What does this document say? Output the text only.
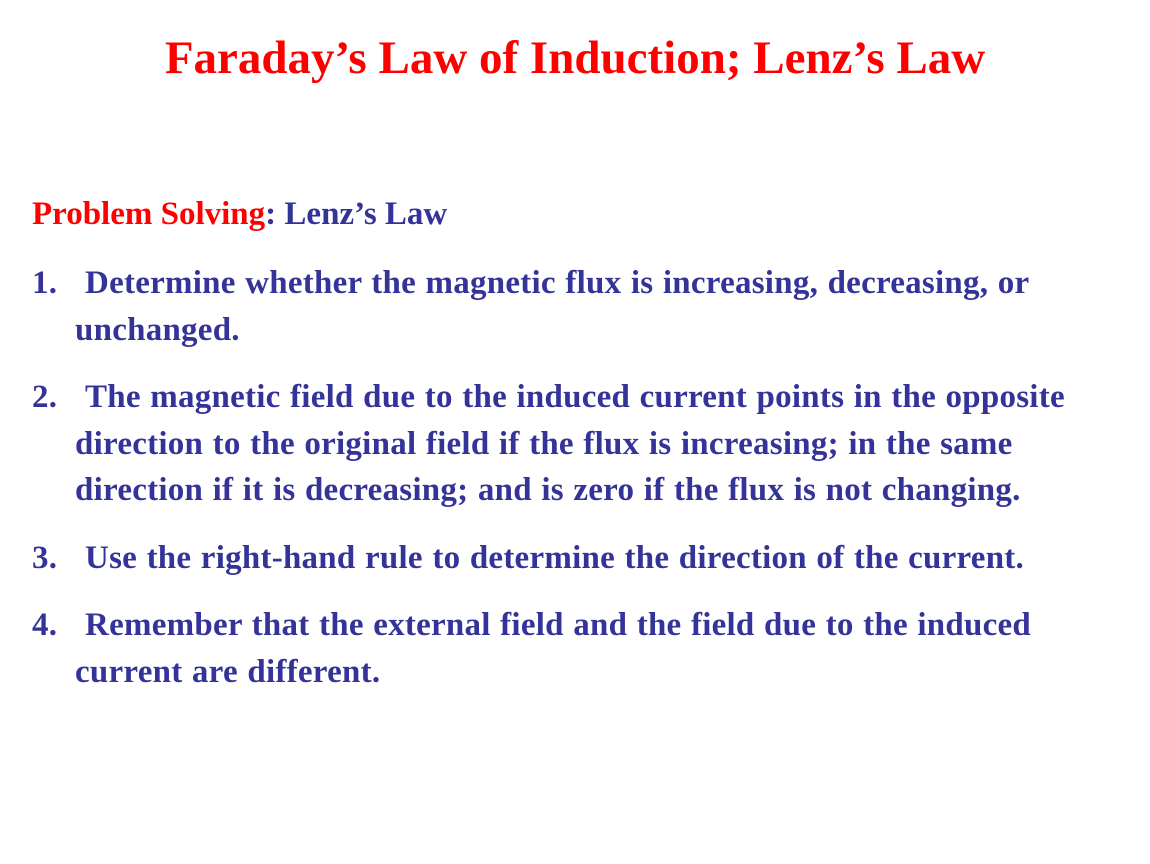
Faraday’s Law of Induction; Lenz’s Law

Problem Solving: Lenz’s Law

1. Determine whether the magnetic flux is increasing, decreasing, or unchanged.
2. The magnetic field due to the induced current points in the opposite direction to the original field if the flux is increasing; in the same direction if it is decreasing; and is zero if the flux is not changing.
3. Use the right-hand rule to determine the direction of the current.
4. Remember that the external field and the field due to the induced current are different.
